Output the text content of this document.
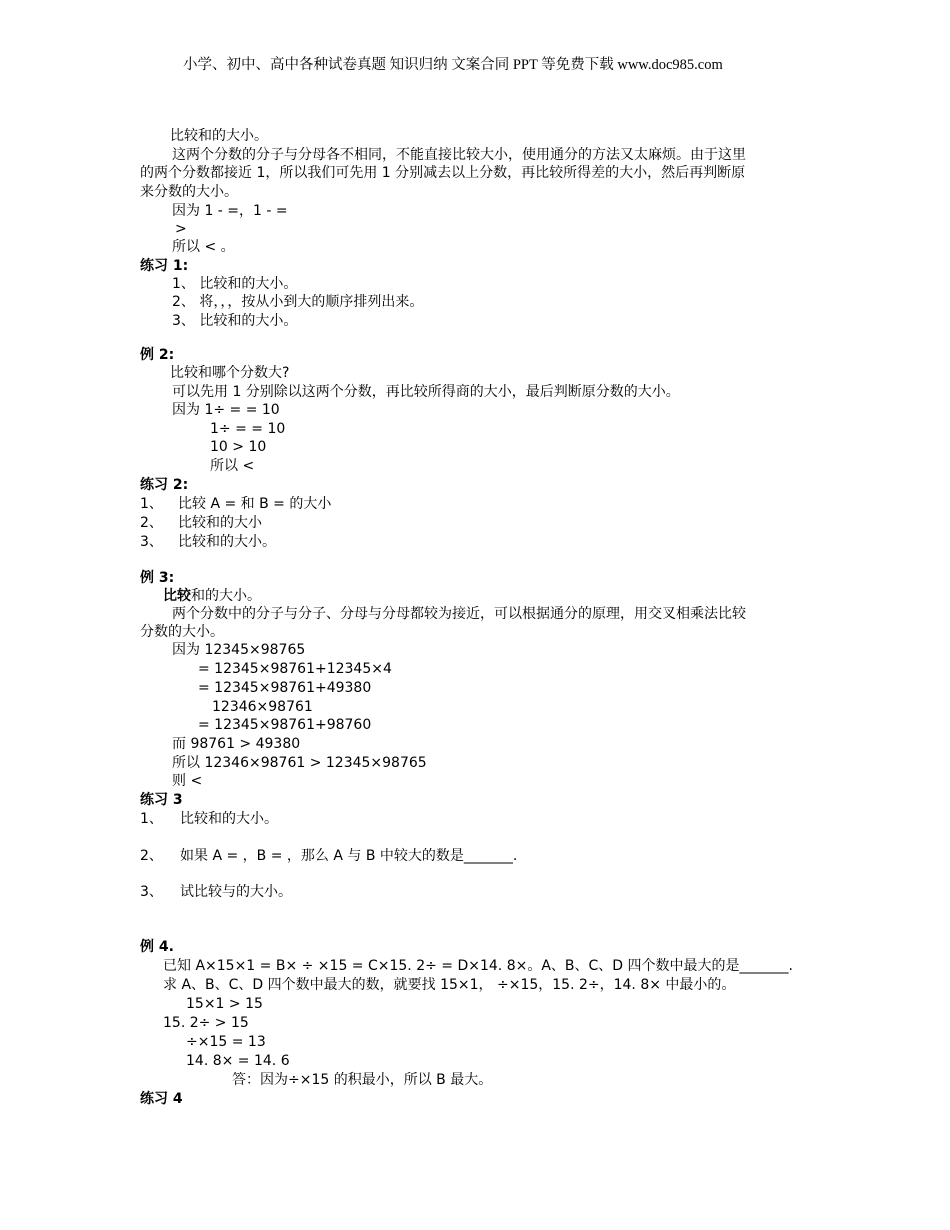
小学、初中、高中各种试卷真题 知识归纳 文案合同 PPT 等免费下载 www.doc985.com
比较和的大小。
这两个分数的分子与分母各不相同，不能直接比较大小，使用通分的方法又太麻烦。由于这里
的两个分数都接近 1，所以我们可先用 1 分别减去以上分数，再比较所得差的大小，然后再判断原
来分数的大小。
因为 1 - =，1 - =
>
所以 < 。
练习 1:
1、 比较和的大小。
2、 将，，，按从小到大的顺序排列出来。
3、 比较和的大小。
例 2:
比较和哪个分数大?
可以先用 1 分别除以这两个分数，再比较所得商的大小，最后判断原分数的大小。
因为 1÷ = = 10
1÷ = = 10
10 > 10
所以 <
练习 2:
1、 比较 A = 和 B = 的大小
2、 比较和的大小
3、 比较和的大小。
例 3:
比较和的大小。
两个分数中的分子与分子、分母与分母都较为接近，可以根据通分的原理，用交叉相乘法比较
分数的大小。
因为 12345×98765
= 12345×98761+12345×4
= 12345×98761+49380
12346×98761
= 12345×98761+98760
而 98761 > 49380
所以 12346×98761 > 12345×98765
则 <
练习 3
1、 比较和的大小。
2、 如果 A = ，B = ，那么 A 与 B 中较大的数是_______.
3、 试比较与的大小。
例 4.
已知 A×15×1 = B× ÷ ×15 = C×15. 2÷ = D×14. 8×。A、B、C、D 四个数中最大的是_______.
求 A、B、C、D 四个数中最大的数，就要找 15×1， ÷×15，15. 2÷，14. 8× 中最小的。
15×1 > 15
15. 2÷ > 15
÷×15 = 13
14. 8× = 14. 6
答：因为÷×15 的积最小，所以 B 最大。
练习 4
